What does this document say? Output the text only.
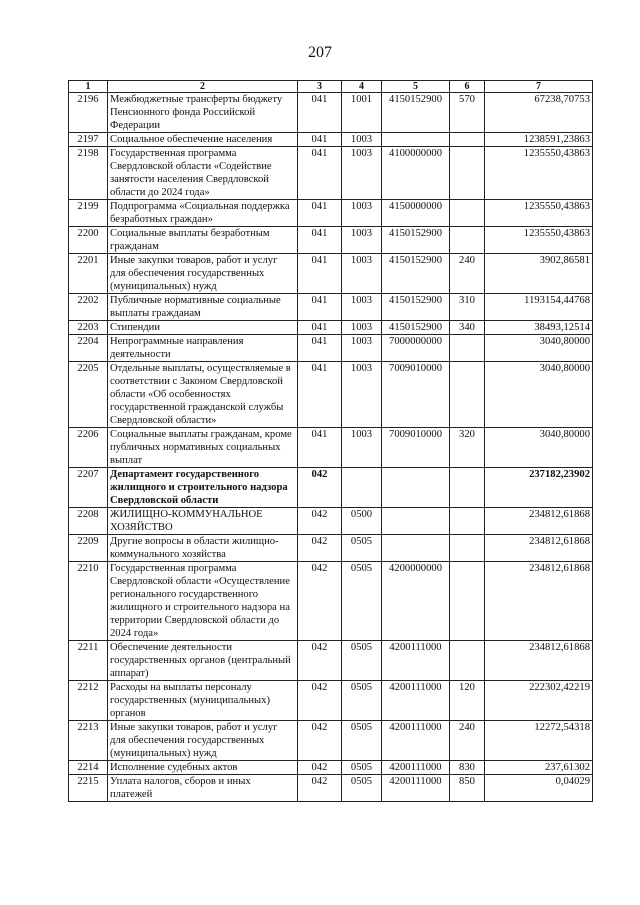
207
1	2	3	4	5	6	7
2196	Межбюджетные трансферты бюджету Пенсионного фонда Российской Федерации	041	1001	4150152900	570	67238,70753
2197	Социальное обеспечение населения	041	1003			1238591,23863
2198	Государственная программа Свердловской области «Содействие занятости населения Свердловской области до 2024 года»	041	1003	4100000000		1235550,43863
2199	Подпрограмма «Социальная поддержка безработных граждан»	041	1003	4150000000		1235550,43863
2200	Социальные выплаты безработным гражданам	041	1003	4150152900		1235550,43863
2201	Иные закупки товаров, работ и услуг для обеспечения государственных (муниципальных) нужд	041	1003	4150152900	240	3902,86581
2202	Публичные нормативные социальные выплаты гражданам	041	1003	4150152900	310	1193154,44768
2203	Стипендии	041	1003	4150152900	340	38493,12514
2204	Непрограммные направления деятельности	041	1003	7000000000		3040,80000
2205	Отдельные выплаты, осуществляемые в соответствии с Законом Свердловской области «Об особенностях государственной гражданской службы Свердловской области»	041	1003	7009010000		3040,80000
2206	Социальные выплаты гражданам, кроме публичных нормативных социальных выплат	041	1003	7009010000	320	3040,80000
2207	Департамент государственного жилищного и строительного надзора Свердловской области	042				237182,23902
2208	ЖИЛИЩНО-КОММУНАЛЬНОЕ ХОЗЯЙСТВО	042	0500			234812,61868
2209	Другие вопросы в области жилищно-коммунального хозяйства	042	0505			234812,61868
2210	Государственная программа Свердловской области «Осуществление регионального государственного жилищного и строительного надзора на территории Свердловской области до 2024 года»	042	0505	4200000000		234812,61868
2211	Обеспечение деятельности государственных органов (центральный аппарат)	042	0505	4200111000		234812,61868
2212	Расходы на выплаты персоналу государственных (муниципальных) органов	042	0505	4200111000	120	222302,42219
2213	Иные закупки товаров, работ и услуг для обеспечения государственных (муниципальных) нужд	042	0505	4200111000	240	12272,54318
2214	Исполнение судебных актов	042	0505	4200111000	830	237,61302
2215	Уплата налогов, сборов и иных платежей	042	0505	4200111000	850	0,04029
